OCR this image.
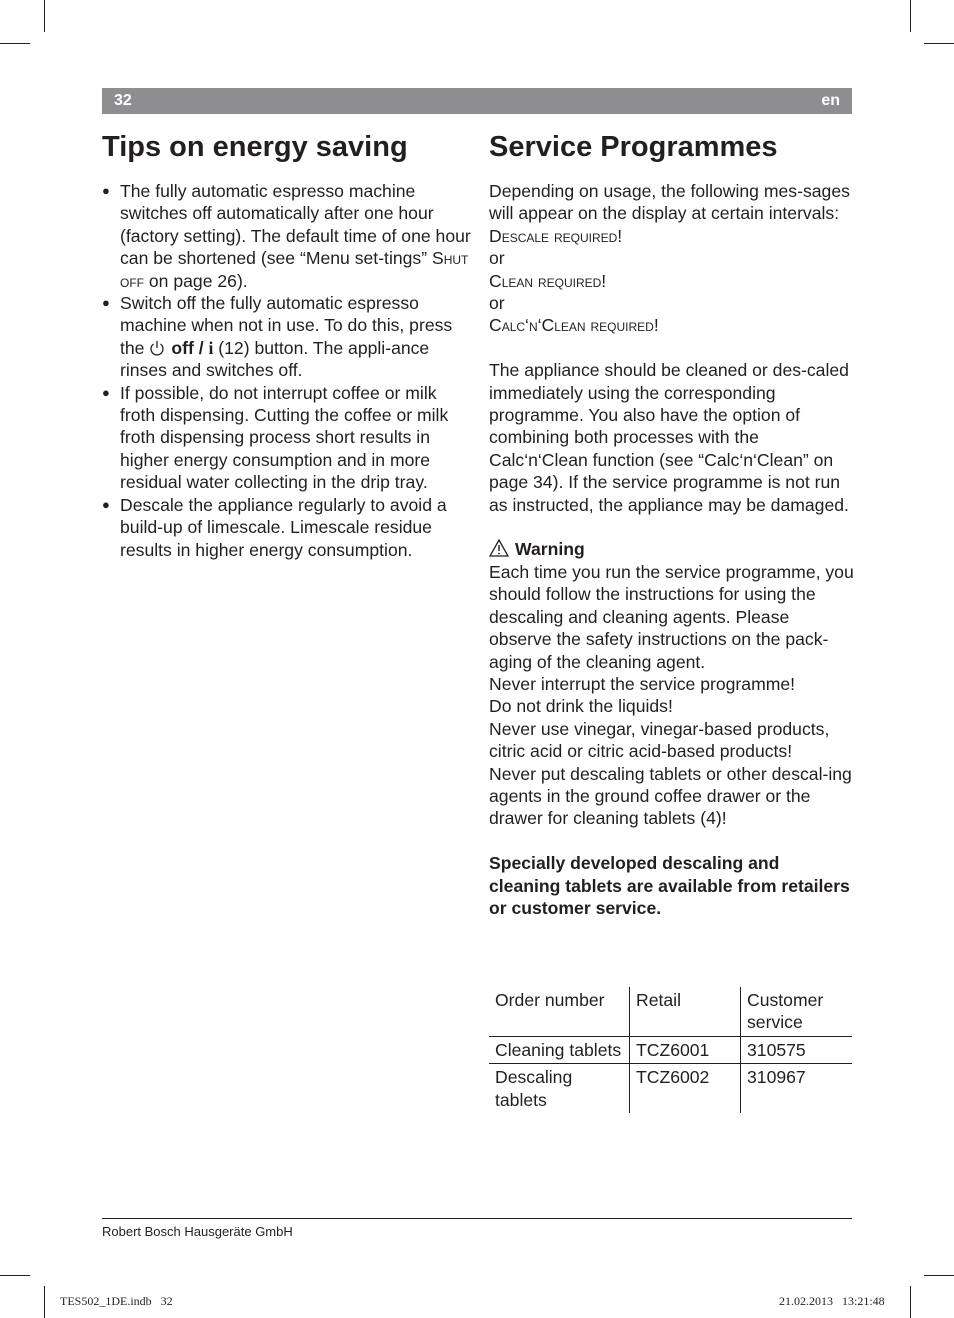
32	en
Tips on energy saving	Service Programmes
● The fully automatic espresso machine switches off automatically after one hour (factory setting). The default time of one hour can be shortened (see “Menu set-tings” Shut off on page 26).
● Switch off the fully automatic espresso machine when not in use. To do this, press the off / i (12) button. The appli-ance rinses and switches off.
● If possible, do not interrupt coffee or milk froth dispensing. Cutting the coffee or milk froth dispensing process short results in higher energy consumption and in more residual water collecting in the drip tray.
● Descale the appliance regularly to avoid a build-up of limescale. Limescale residue results in higher energy consumption.

Depending on usage, the following mes-sages will appear on the display at certain intervals:

Descale required!

or

Clean required!

or

Calc‘n‘Clean required!

The appliance should be cleaned or des-caled immediately using the corresponding programme. You also have the option of combining both processes with the Calc‘n‘Clean function (see “Calc‘n‘Clean” on page 34). If the service programme is not run as instructed, the appliance may be damaged.

Warning

Each time you run the service programme, you should follow the instructions for using the descaling and cleaning agents. Please observe the safety instructions on the pack-aging of the cleaning agent.

Never interrupt the service programme!

Do not drink the liquids!

Never use vinegar, vinegar-based products, citric acid or citric acid-based products!

Never put descaling tablets or other descal-ing agents in the ground coffee drawer or the drawer for cleaning tablets (4)!

Specially developed descaling and cleaning tablets are available from retailers or customer service.

Order number	Retail	Customer service
Cleaning tablets	TCZ6001	310575
Descaling tablets	TCZ6002	310967
Robert Bosch Hausgeräte GmbH
TES502_1DE.indb   32	21.02.2013   13:21:48
